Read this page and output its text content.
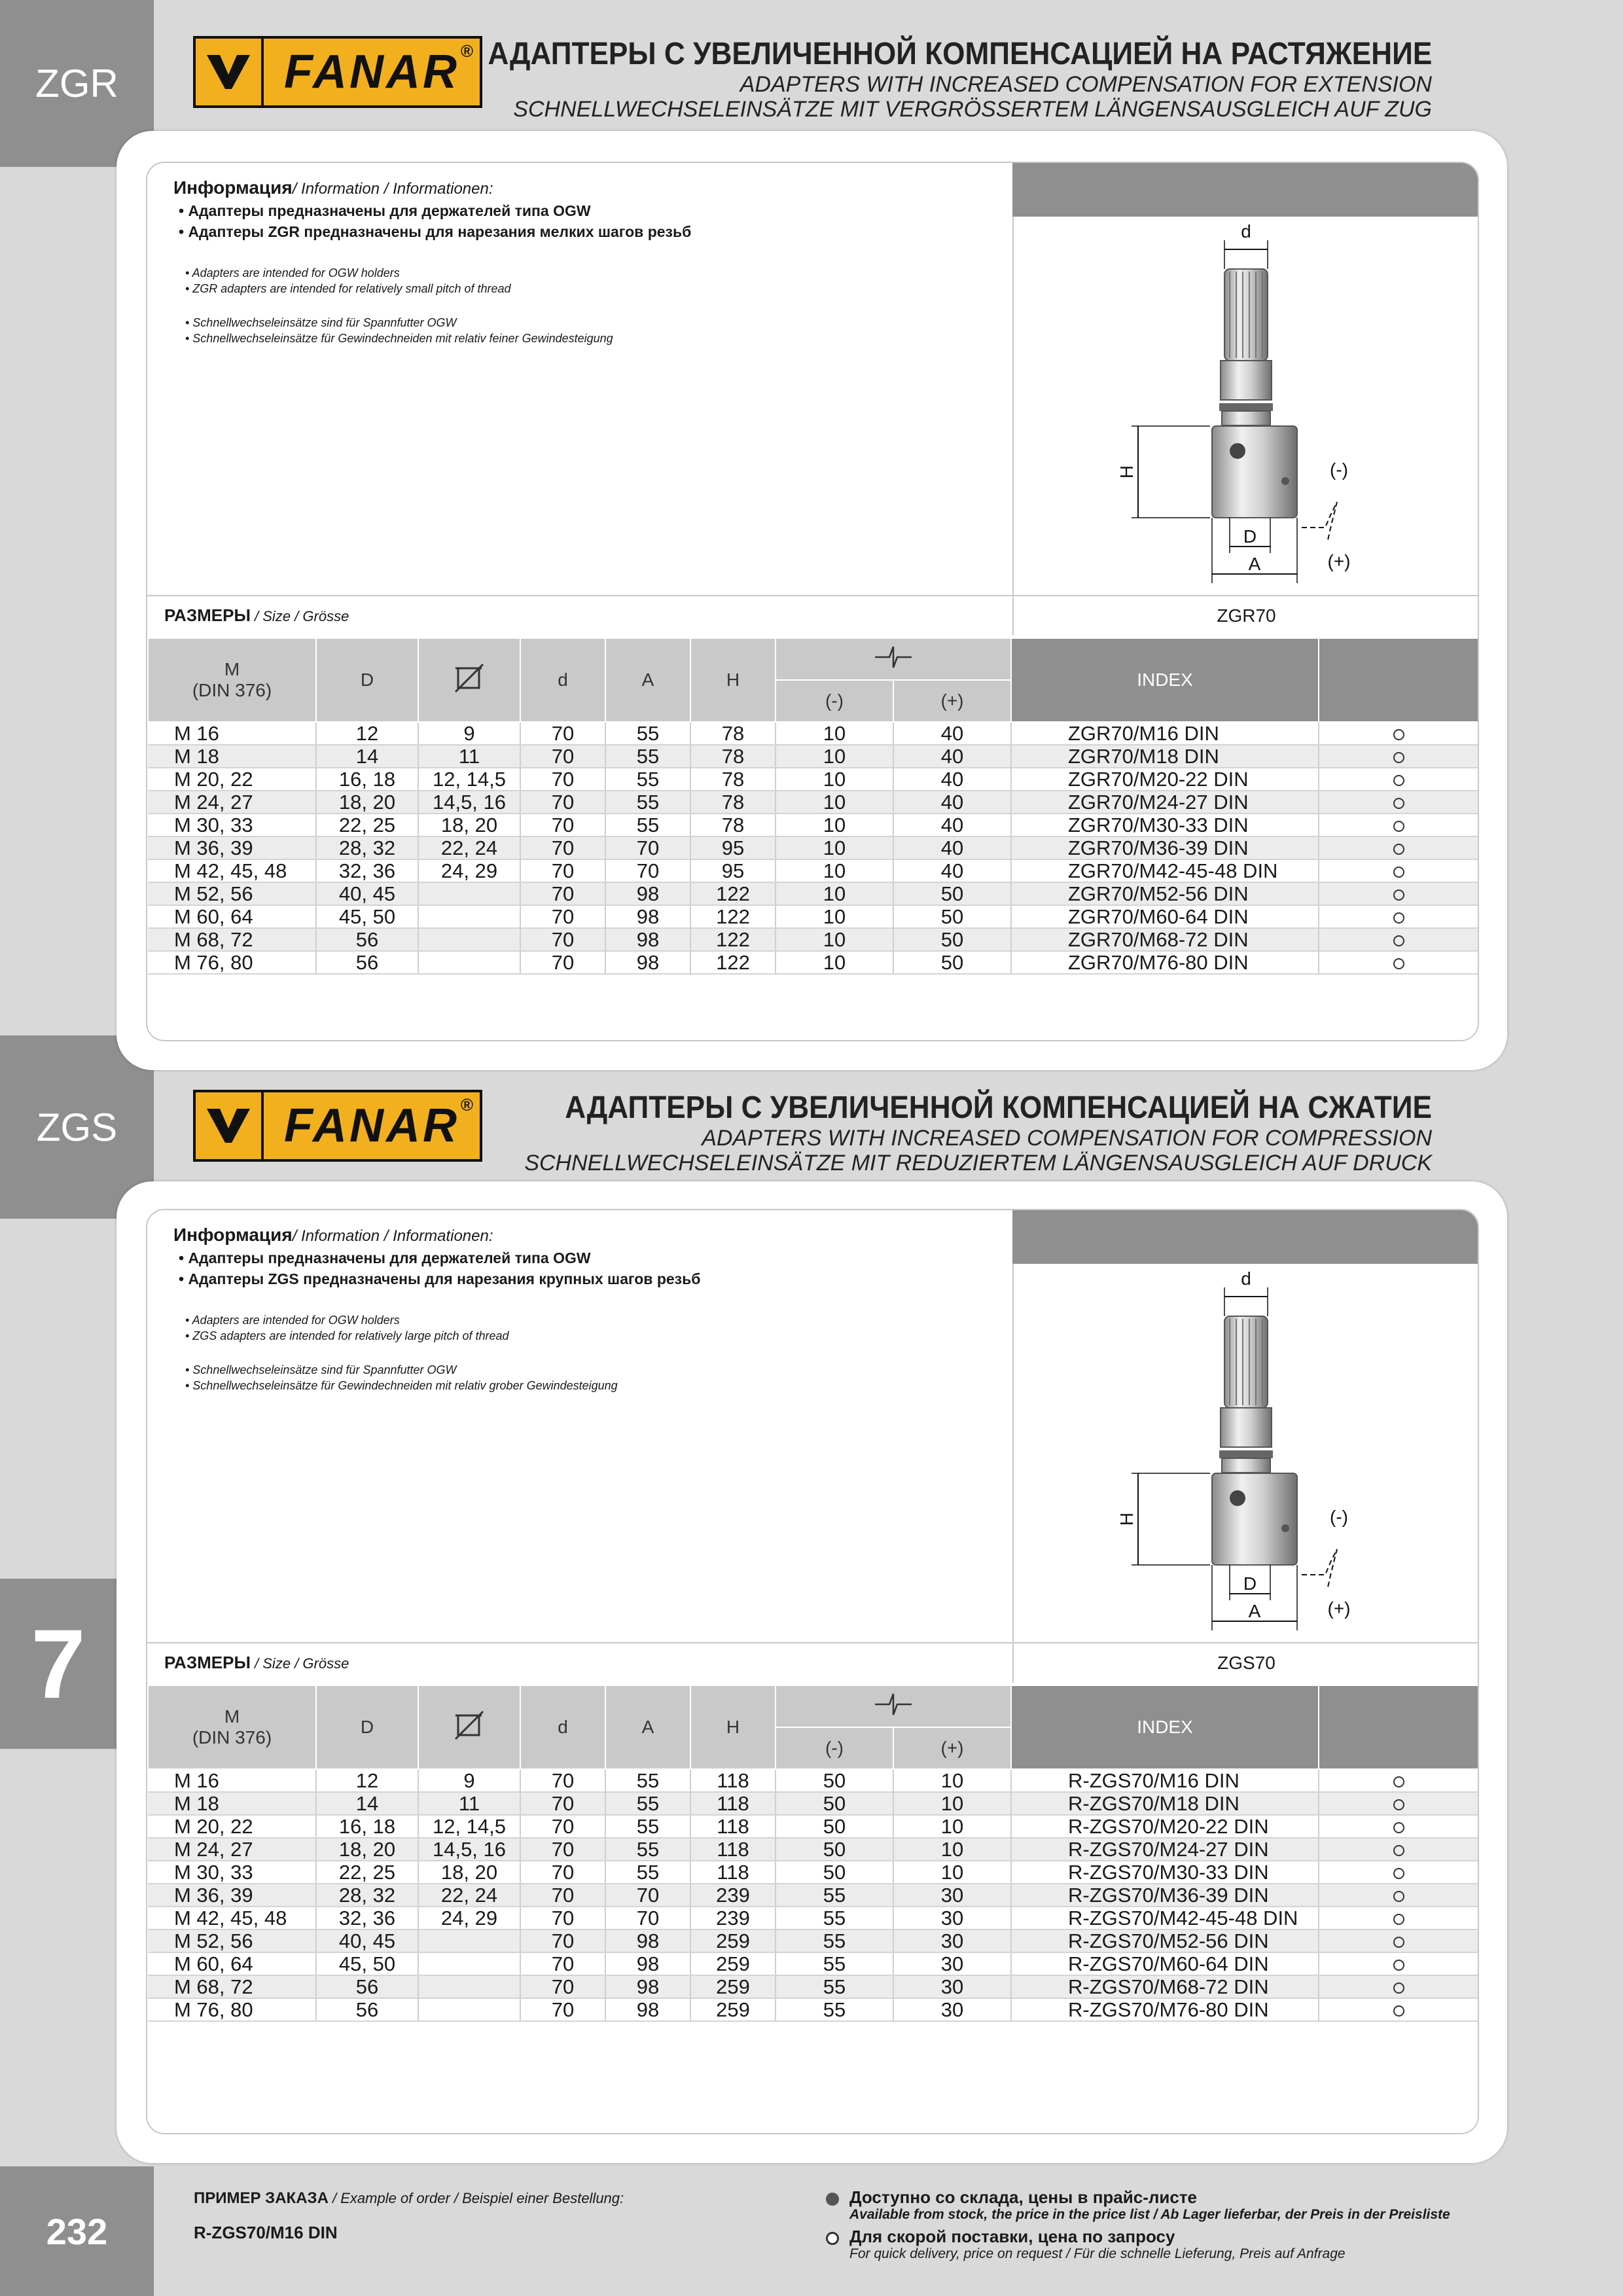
ZGR
ZGS
7
232
FANAR ® АДАПТЕРЫ С УВЕЛИЧЕННОЙ КОМПЕНСАЦИЕЙ НА РАСТЯЖЕНИЕ
ADAPTERS WITH INCREASED COMPENSATION FOR EXTENSION
SCHNELLWECHSELEINSÄTZE MIT VERGRÖSSERTEM LÄNGENSAUSGLEICH AUF ZUG
FANAR ®	АДАПТЕРЫ С УВЕЛИЧЕННОЙ КОМПЕНСАЦИЕЙ НА СЖАТИЕ
ADAPTERS WITH INCREASED COMPENSATION FOR COMPRESSION
SCHNELLWECHSELEINSÄTZE MIT REDUZIERTEM LÄNGENSAUSGLEICH AUF DRUCK
Информация/ Information / Informationen:
• Адаптеры предназначены для держателей типа OGW
• Адаптеры ZGR предназначены для нарезания мелких шагов резьб
• Adapters are intended for OGW holders
• ZGR adapters are intended for relatively small pitch of thread
• Schnellwechseleinsätze sind für Spannfutter OGW
• Schnellwechseleinsätze für Gewindechneiden mit relativ feiner Gewindesteigung
d
H
D
A
(-)
(+)
РАЗМЕРЫ / Size / Grösse	ZGR70
M
(DIN 376)	D		d	A	H			INDEX	
						(-)	(+)		
M 16	12	9	70	55	78	10	40	ZGR70/M16 DIN	
M 18	14	11	70	55	78	10	40	ZGR70/M18 DIN	
M 20, 22	16, 18	12, 14,5	70	55	78	10	40	ZGR70/M20-22 DIN	
M 24, 27	18, 20	14,5, 16	70	55	78	10	40	ZGR70/M24-27 DIN	
M 30, 33	22, 25	18, 20	70	55	78	10	40	ZGR70/M30-33 DIN	
M 36, 39	28, 32	22, 24	70	70	95	10	40	ZGR70/M36-39 DIN	
M 42, 45, 48	32, 36	24, 29	70	70	95	10	40	ZGR70/M42-45-48 DIN	
M 52, 56	40, 45		70	98	122	10	50	ZGR70/M52-56 DIN	
M 60, 64	45, 50		70	98	122	10	50	ZGR70/M60-64 DIN	
M 68, 72	56		70	98	122	10	50	ZGR70/M68-72 DIN	
M 76, 80	56		70	98	122	10	50	ZGR70/M76-80 DIN	
Информация/ Information / Informationen:
• Адаптеры предназначены для держателей типа OGW
• Адаптеры ZGS предназначены для нарезания крупных шагов резьб
• Adapters are intended for OGW holders
• ZGS adapters are intended for relatively large pitch of thread
• Schnellwechseleinsätze sind für Spannfutter OGW
• Schnellwechseleinsätze für Gewindechneiden mit relativ grober Gewindesteigung
d
H
D
A
(-)
(+)
РАЗМЕРЫ / Size / Grösse	ZGS70
M
(DIN 376)	D		d	A	H			INDEX	
						(-)	(+)		
M 16	12	9	70	55	118	50	10	R-ZGS70/M16 DIN	
M 18	14	11	70	55	118	50	10	R-ZGS70/M18 DIN	
M 20, 22	16, 18	12, 14,5	70	55	118	50	10	R-ZGS70/M20-22 DIN	
M 24, 27	18, 20	14,5, 16	70	55	118	50	10	R-ZGS70/M24-27 DIN	
M 30, 33	22, 25	18, 20	70	55	118	50	10	R-ZGS70/M30-33 DIN	
M 36, 39	28, 32	22, 24	70	70	239	55	30	R-ZGS70/M36-39 DIN	
M 42, 45, 48	32, 36	24, 29	70	70	239	55	30	R-ZGS70/M42-45-48 DIN	
M 52, 56	40, 45		70	98	259	55	30	R-ZGS70/M52-56 DIN	
M 60, 64	45, 50		70	98	259	55	30	R-ZGS70/M60-64 DIN	
M 68, 72	56		70	98	259	55	30	R-ZGS70/M68-72 DIN	
M 76, 80	56		70	98	259	55	30	R-ZGS70/M76-80 DIN	
ПРИМЕР ЗАКАЗА / Example of order / Beispiel einer Bestellung:
R-ZGS70/M16 DIN
Доступно со склада, цены в прайс-листе
Available from stock, the price in the price list / Ab Lager lieferbar, der Preis in der Preisliste
Для скорой поставки, цена по запросу
For quick delivery, price on request / Für die schnelle Lieferung, Preis auf Anfrage
